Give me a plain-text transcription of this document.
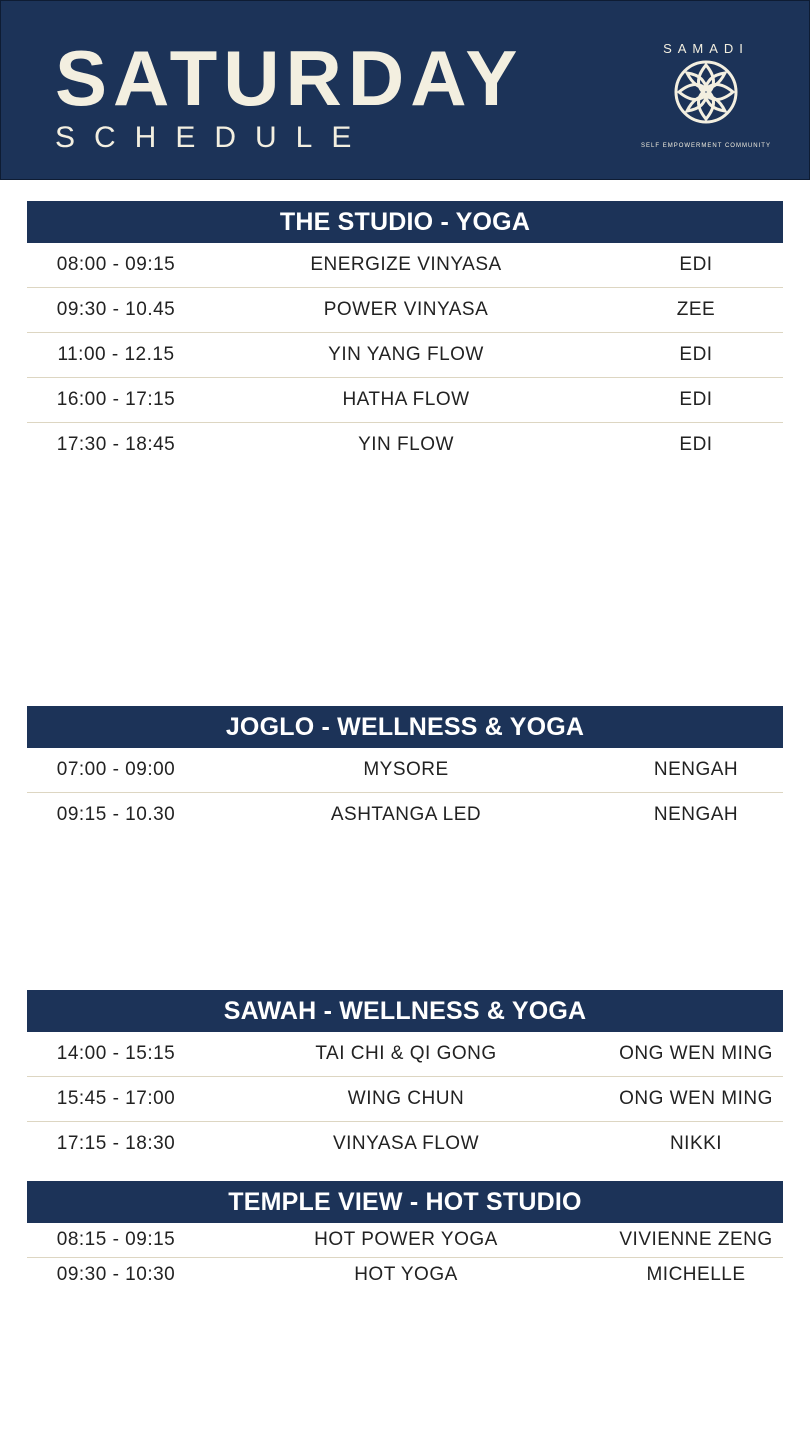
SATURDAY
SCHEDULE
SAMADI
SELF EMPOWERMENT COMMUNITY
THE STUDIO - YOGA
08:00 - 09:15	ENERGIZE VINYASA	EDI
09:30 - 10.45	POWER VINYASA	ZEE
11:00 - 12.15	YIN YANG FLOW	EDI
16:00 - 17:15	HATHA FLOW	EDI
17:30 - 18:45	YIN FLOW	EDI
JOGLO - WELLNESS & YOGA
07:00 - 09:00	MYSORE	NENGAH
09:15 - 10.30	ASHTANGA LED	NENGAH
SAWAH - WELLNESS & YOGA
14:00 - 15:15	TAI CHI & QI GONG	ONG WEN MING
15:45 - 17:00	WING CHUN	ONG WEN MING
17:15 - 18:30	VINYASA FLOW	NIKKI
TEMPLE VIEW - HOT STUDIO
08:15 - 09:15	HOT POWER YOGA	VIVIENNE ZENG
09:30 - 10:30	HOT YOGA	MICHELLE
